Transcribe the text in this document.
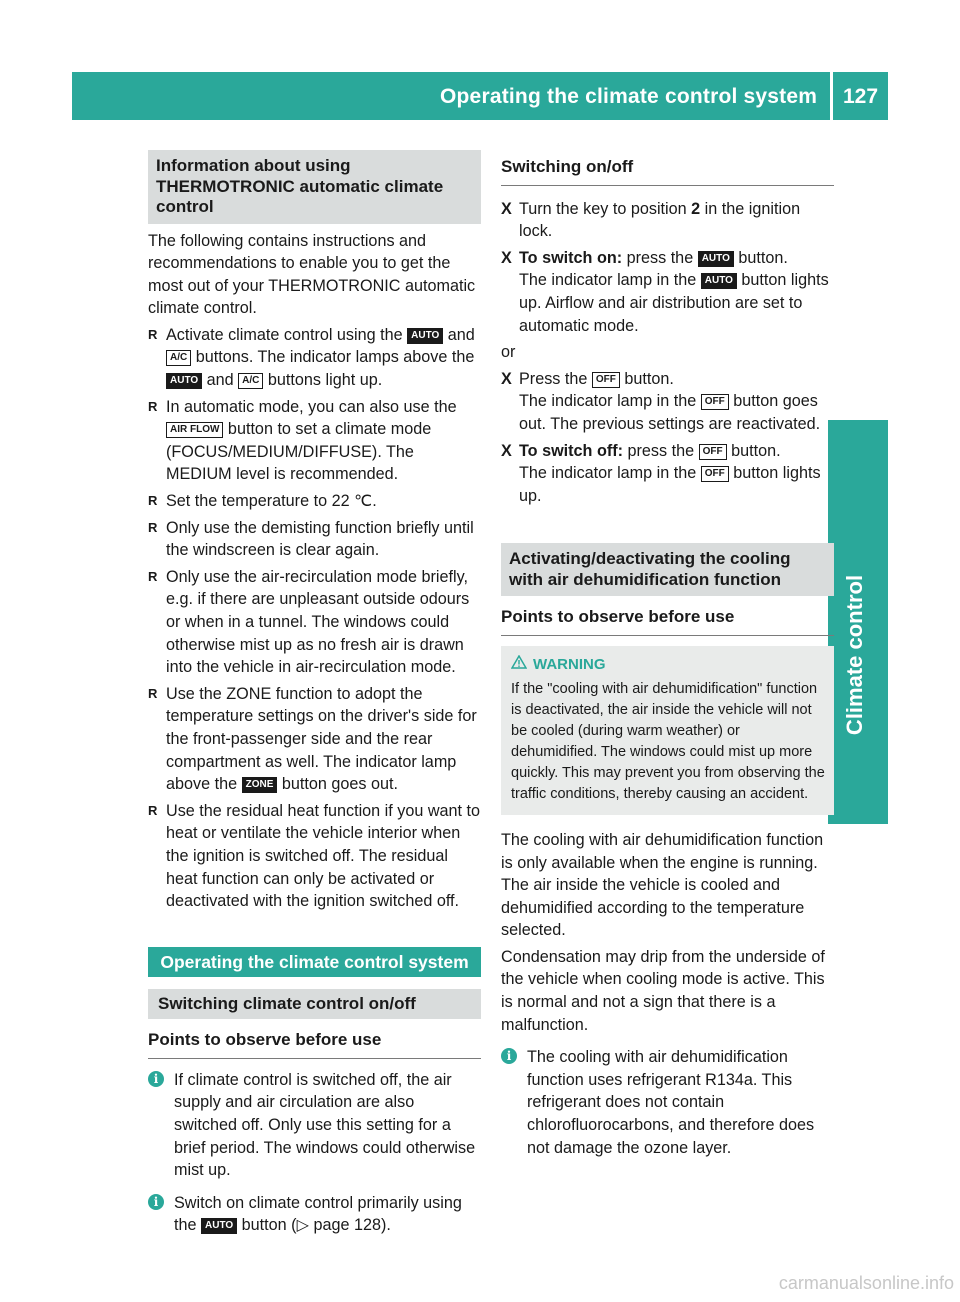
Operating the climate control system 127
Climate control
Information about using THERMOTRONIC automatic climate control

The following contains instructions and recommendations to enable you to get the most out of your THERMOTRONIC automatic climate control.

R Activate climate control using the AUTO and A/C buttons. The indicator lamps above the AUTO and A/C buttons light up.
R In automatic mode, you can also use the AIR FLOW button to set a climate mode (FOCUS/MEDIUM/DIFFUSE). The MEDIUM level is recommended.
R Set the temperature to 22 ℃.
R Only use the demisting function briefly until the windscreen is clear again.
R Only use the air-recirculation mode briefly, e.g. if there are unpleasant outside odours or when in a tunnel. The windows could otherwise mist up as no fresh air is drawn into the vehicle in air-recirculation mode.
R Use the ZONE function to adopt the temperature settings on the driver's side for the front-passenger side and the rear compartment as well. The indicator lamp above the ZONE button goes out.
R Use the residual heat function if you want to heat or ventilate the vehicle interior when the ignition is switched off. The residual heat function can only be activated or deactivated with the ignition switched off.
Operating the climate control system
Switching climate control on/off
Points to observe before use
i If climate control is switched off, the air supply and air circulation are also switched off. Only use this setting for a brief period. The windows could otherwise mist up.
i Switch on climate control primarily using the AUTO button (▷ page 128).
Switching on/off
X Turn the key to position 2 in the ignition lock.
X To switch on: press the AUTO button.
The indicator lamp in the AUTO button lights up. Airflow and air distribution are set to automatic mode.

or

X Press the OFF button.
The indicator lamp in the OFF button goes out. The previous settings are reactivated.
X To switch off: press the OFF button.
The indicator lamp in the OFF button lights up.
Activating/deactivating the cooling with air dehumidification function
Points to observe before use
WARNING
If the "cooling with air dehumidification" function is deactivated, the air inside the vehicle will not be cooled (during warm weather) or dehumidified. The windows could mist up more quickly. This may prevent you from observing the traffic conditions, thereby causing an accident.

The cooling with air dehumidification function is only available when the engine is running. The air inside the vehicle is cooled and dehumidified according to the temperature selected.

Condensation may drip from the underside of the vehicle when cooling mode is active. This is normal and not a sign that there is a malfunction.

i The cooling with air dehumidification function uses refrigerant R134a. This refrigerant does not contain chlorofluorocarbons, and therefore does not damage the ozone layer.
carmanualsonline.info
